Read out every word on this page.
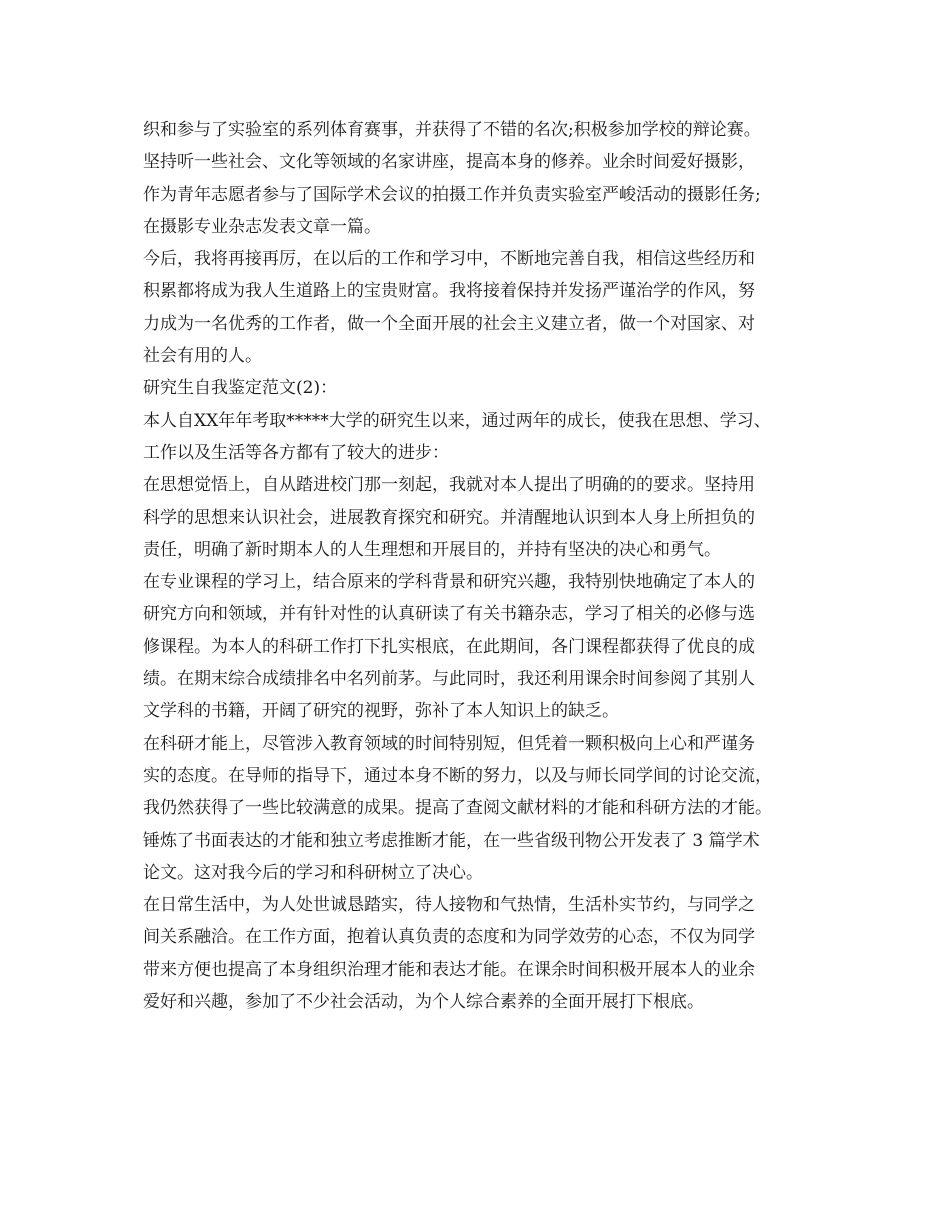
织和参与了实验室的系列体育赛事，并获得了不错的名次;积极参加学校的辩论赛。
坚持听一些社会、文化等领域的名家讲座，提高本身的修养。业余时间爱好摄影，
作为青年志愿者参与了国际学术会议的拍摄工作并负责实验室严峻活动的摄影任务;
在摄影专业杂志发表文章一篇。
今后，我将再接再厉，在以后的工作和学习中，不断地完善自我，相信这些经历和
积累都将成为我人生道路上的宝贵财富。我将接着保持并发扬严谨治学的作风，努
力成为一名优秀的工作者，做一个全面开展的社会主义建立者，做一个对国家、对
社会有用的人。
研究生自我鉴定范文(2)：
本人自XX年年考取*****大学的研究生以来，通过两年的成长，使我在思想、学习、
工作以及生活等各方都有了较大的进步：
在思想觉悟上，自从踏进校门那一刻起，我就对本人提出了明确的的要求。坚持用
科学的思想来认识社会，进展教育探究和研究。并清醒地认识到本人身上所担负的
责任，明确了新时期本人的人生理想和开展目的，并持有坚决的决心和勇气。
在专业课程的学习上，结合原来的学科背景和研究兴趣，我特别快地确定了本人的
研究方向和领域，并有针对性的认真研读了有关书籍杂志，学习了相关的必修与选
修课程。为本人的科研工作打下扎实根底，在此期间，各门课程都获得了优良的成
绩。在期末综合成绩排名中名列前茅。与此同时，我还利用课余时间参阅了其别人
文学科的书籍，开阔了研究的视野，弥补了本人知识上的缺乏。
在科研才能上，尽管涉入教育领域的时间特别短，但凭着一颗积极向上心和严谨务
实的态度。在导师的指导下，通过本身不断的努力，以及与师长同学间的讨论交流，
我仍然获得了一些比较满意的成果。提高了查阅文献材料的才能和科研方法的才能。
锤炼了书面表达的才能和独立考虑推断才能，在一些省级刊物公开发表了 3 篇学术
论文。这对我今后的学习和科研树立了决心。
在日常生活中，为人处世诚恳踏实，待人接物和气热情，生活朴实节约，与同学之
间关系融洽。在工作方面，抱着认真负责的态度和为同学效劳的心态，不仅为同学
带来方便也提高了本身组织治理才能和表达才能。在课余时间积极开展本人的业余
爱好和兴趣，参加了不少社会活动，为个人综合素养的全面开展打下根底。
